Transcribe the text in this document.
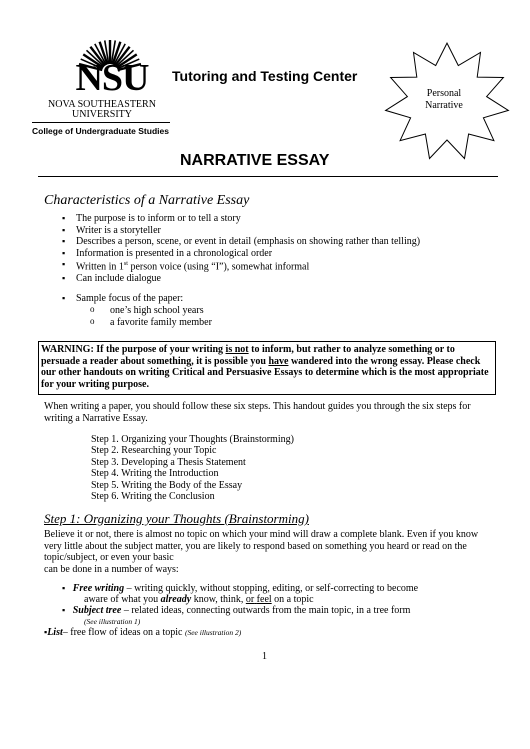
NSU
NOVA SOUTHEASTERN
UNIVERSITY
College of Undergraduate Studies
Tutoring and Testing Center
Personal
Narrative
NARRATIVE ESSAY
Characteristics of a Narrative Essay
▪ The purpose is to inform or to tell a story
▪ Writer is a storyteller
▪ Describes a person, scene, or event in detail (emphasis on showing rather than telling)
▪ Information is presented in a chronological order
▪ Written in 1st person voice (using “I”), somewhat informal
▪ Can include dialogue
▪ Sample focus of the paper:
o one’s high school years
o a favorite family member
WARNING: If the purpose of your writing is not to inform, but rather to analyze something or to persuade a reader about something, it is possible you have wandered into the wrong essay. Please check our other handouts on writing Critical and Persuasive Essays to determine which is the most appropriate for your writing purpose.
When writing a paper, you should follow these six steps. This handout guides you through the six steps for writing a Narrative Essay.
Step 1. Organizing your Thoughts (Brainstorming)
Step 2. Researching your Topic
Step 3. Developing a Thesis Statement
Step 4. Writing the Introduction
Step 5. Writing the Body of the Essay
Step 6. Writing the Conclusion
Step 1: Organizing your Thoughts (Brainstorming)
Believe it or not, there is almost no topic on which your mind will draw a complete blank. Even if you know very little about the subject matter, you are likely to respond based on something you heard or read on the topic/subject, or even your basic
can be done in a number of ways:
▪ Free writing – writing quickly, without stopping, editing, or self-correcting to become
aware of what you already know, think, or feel on a topic
▪ Subject tree – related ideas, connecting outwards from the main topic, in a tree form
(See illustration 1)
▪List– free flow of ideas on a topic (See illustration 2)
1
